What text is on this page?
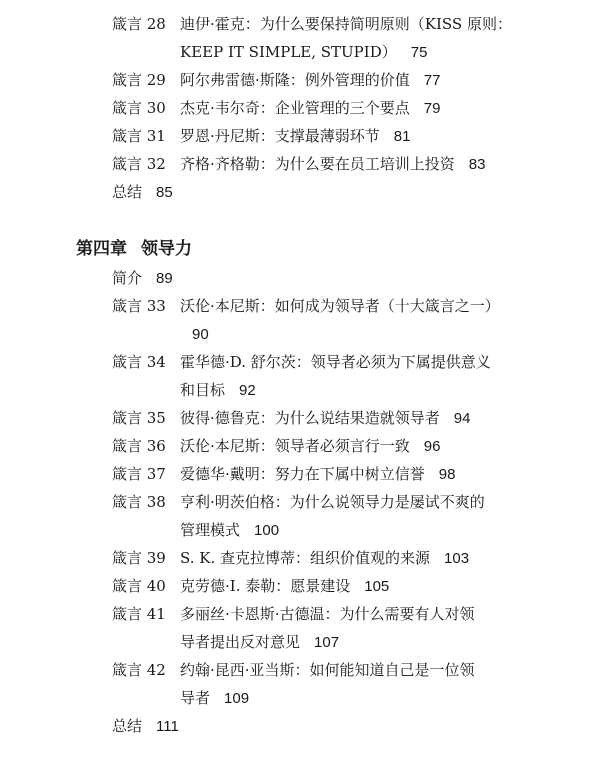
箴言 28 迪伊·霍克：为什么要保持简明原则（KISS 原则：
KEEP IT SIMPLE, STUPID） 75
箴言 29 阿尔弗雷德·斯隆：例外管理的价值 77
箴言 30 杰克·韦尔奇：企业管理的三个要点 79
箴言 31 罗恩·丹尼斯：支撑最薄弱环节 81
箴言 32 齐格·齐格勒：为什么要在员工培训上投资 83
总结 85
第四章 领导力
简介 89
箴言 33 沃伦·本尼斯：如何成为领导者（十大箴言之一）
90
箴言 34 霍华德·D. 舒尔茨：领导者必须为下属提供意义
和目标 92
箴言 35 彼得·德鲁克：为什么说结果造就领导者 94
箴言 36 沃伦·本尼斯：领导者必须言行一致 96
箴言 37 爱德华·戴明：努力在下属中树立信誉 98
箴言 38 亨利·明茨伯格：为什么说领导力是屡试不爽的
管理模式 100
箴言 39 S. K. 查克拉博蒂：组织价值观的来源 103
箴言 40 克劳德·I. 泰勒：愿景建设 105
箴言 41 多丽丝·卡恩斯·古德温：为什么需要有人对领
导者提出反对意见 107
箴言 42 约翰·昆西·亚当斯：如何能知道自己是一位领
导者 109
总结 111
